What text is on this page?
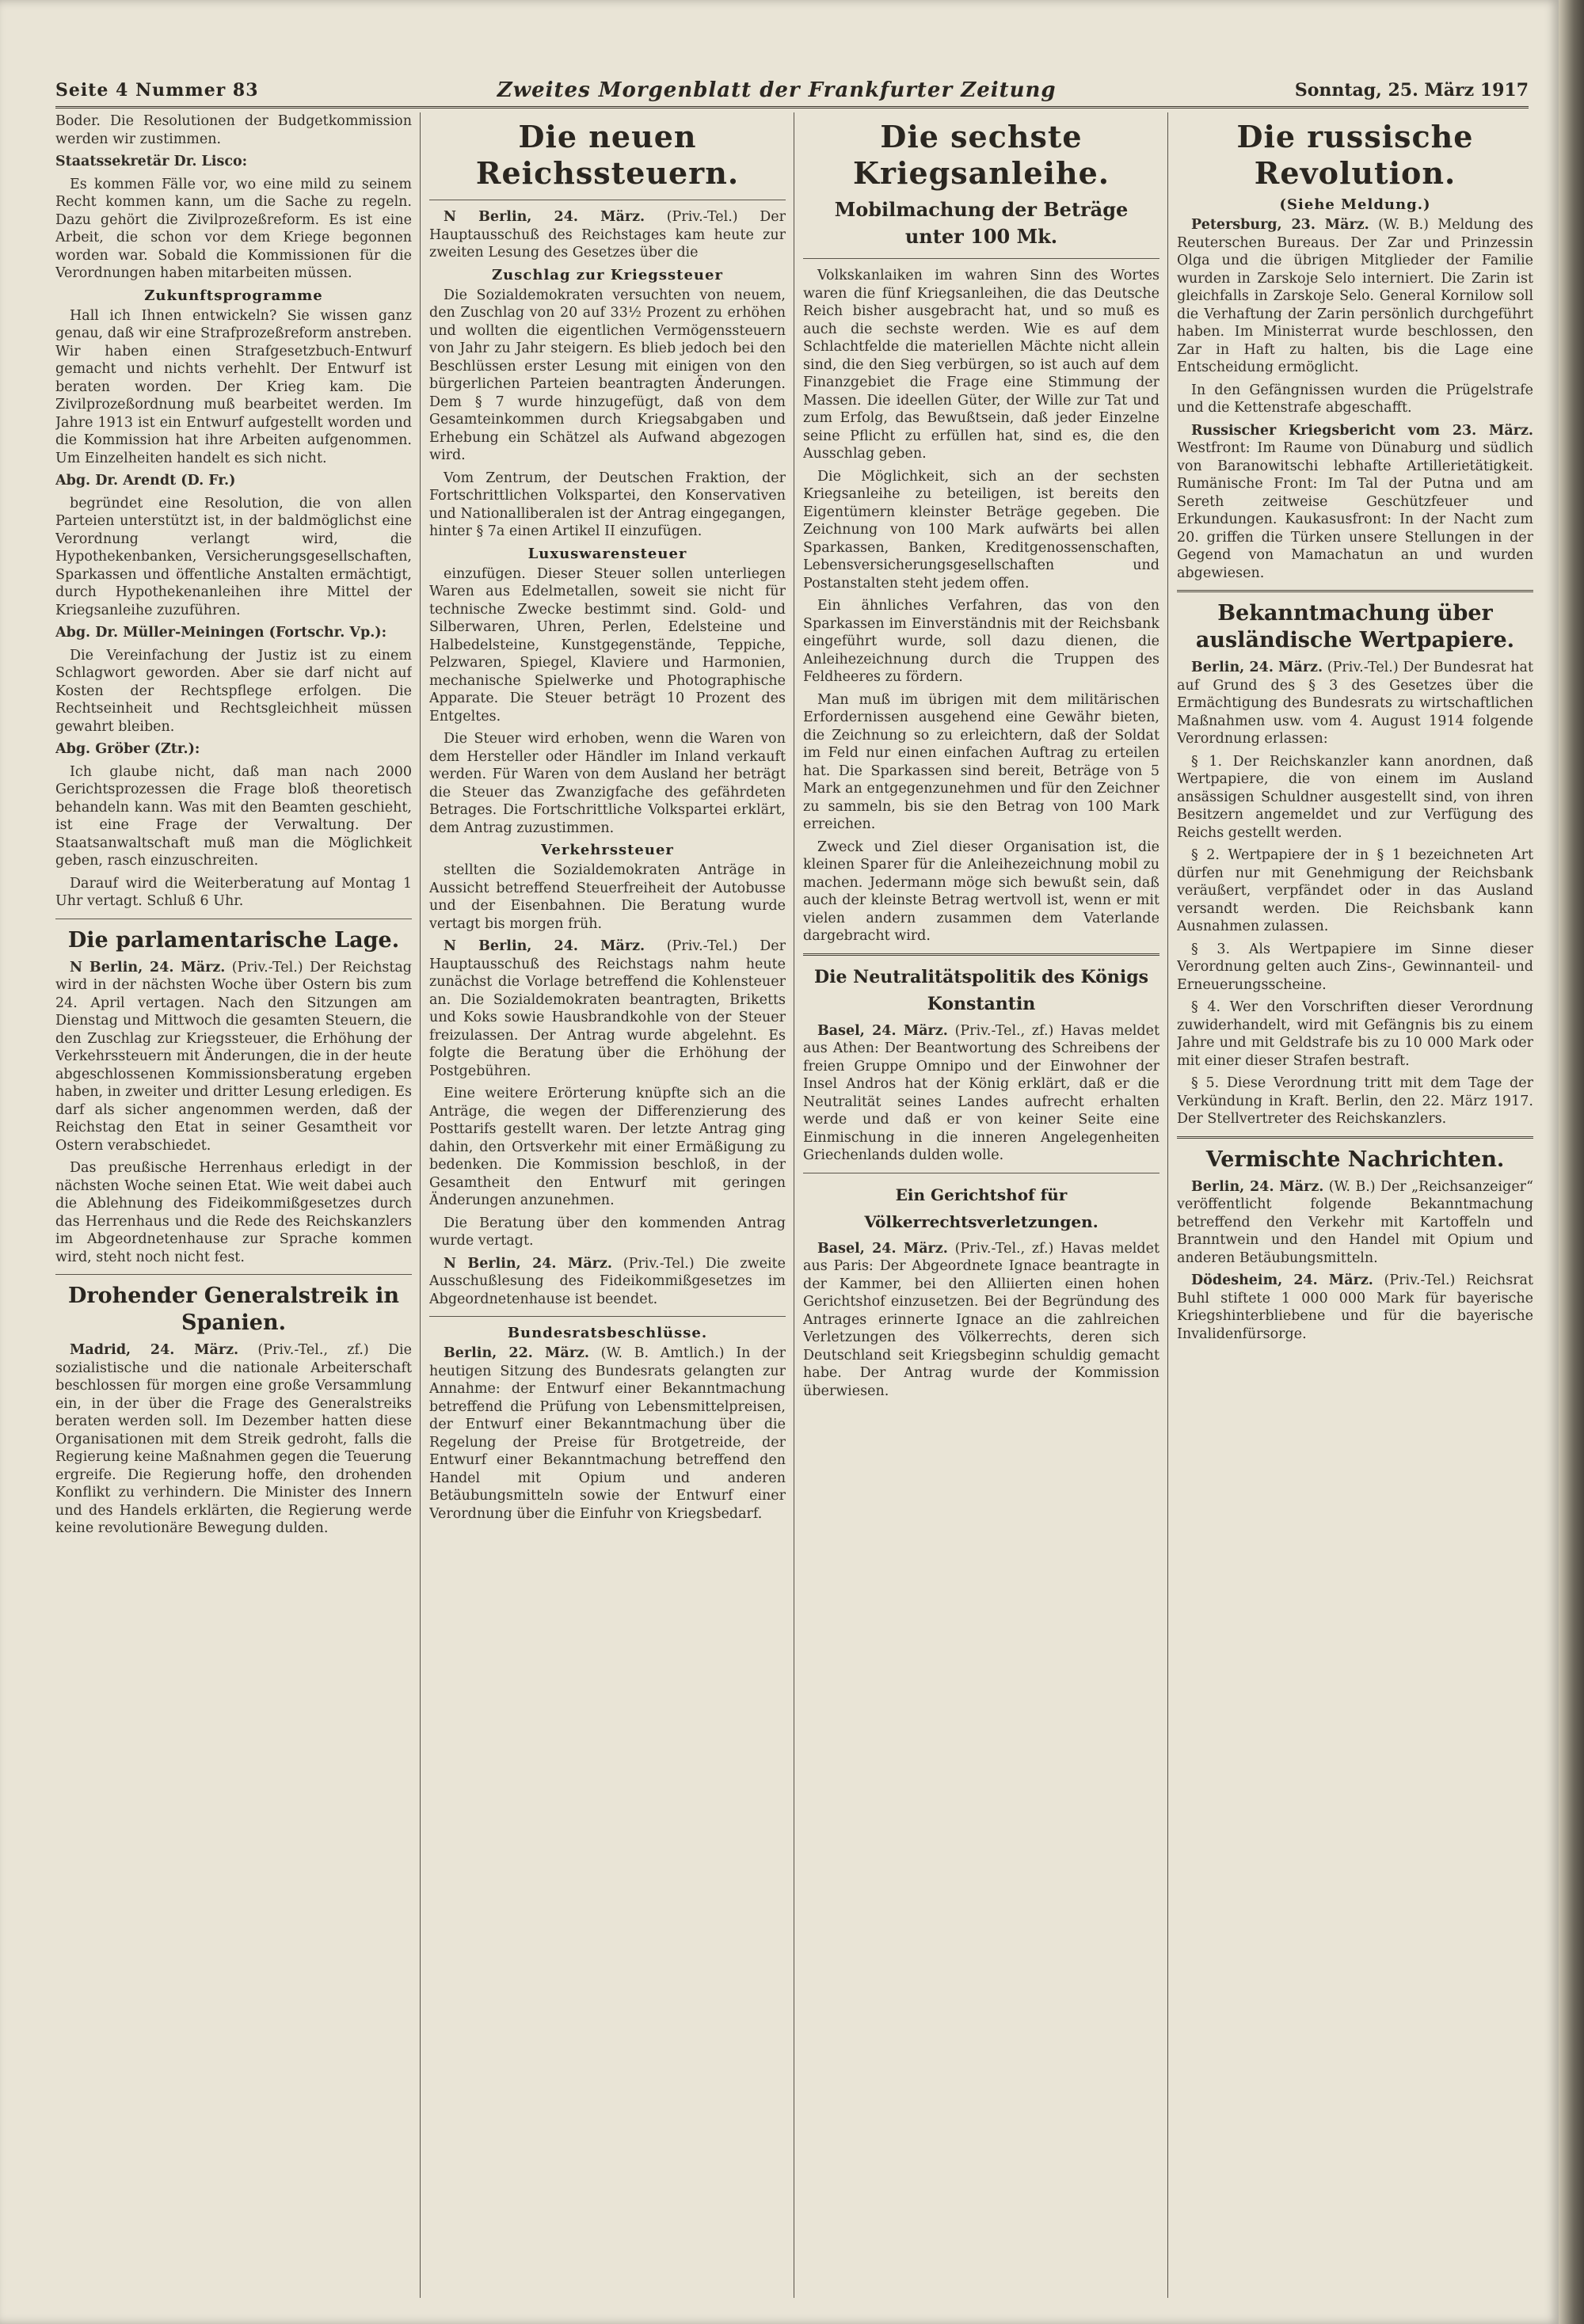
Seite 4 Nummer 83	Zweites Morgenblatt der Frankfurter Zeitung	Sonntag, 25. März 1917

Boder. Die Resolutionen der Budgetkommission werden wir zustimmen.

Staatssekretär Dr. Lisco:

Es kommen Fälle vor, wo eine mild zu seinem Recht kommen kann, um die Sache zu regeln. Dazu gehört die Zivilprozeßreform. Es ist eine Arbeit, die schon vor dem Kriege begonnen worden war. Sobald die Kommissionen für die Verordnungen haben mitarbeiten müssen.

Zukunftsprogramme

Hall ich Ihnen entwickeln? Sie wissen ganz genau, daß wir eine Strafprozeßreform anstreben. Wir haben einen Strafgesetzbuch-Entwurf gemacht und nichts verhehlt. Der Entwurf ist beraten worden. Der Krieg kam. Die Zivilprozeßordnung muß bearbeitet werden. Im Jahre 1913 ist ein Entwurf aufgestellt worden und die Kommission hat ihre Arbeiten aufgenommen. Um Einzelheiten handelt es sich nicht.

Abg. Dr. Arendt (D. Fr.)

begründet eine Resolution, die von allen Parteien unterstützt ist, in der baldmöglichst eine Verordnung verlangt wird, die Hypothekenbanken, Versicherungsgesellschaften, Sparkassen und öffentliche Anstalten ermächtigt, durch Hypothekenanleihen ihre Mittel der Kriegsanleihe zuzuführen.

Abg. Dr. Müller-Meiningen (Fortschr. Vp.):

Die Vereinfachung der Justiz ist zu einem Schlagwort geworden. Aber sie darf nicht auf Kosten der Rechtspflege erfolgen. Die Rechtseinheit und Rechtsgleichheit müssen gewahrt bleiben.

Abg. Gröber (Ztr.):

Ich glaube nicht, daß man nach 2000 Gerichtsprozessen die Frage bloß theoretisch behandeln kann. Was mit den Beamten geschieht, ist eine Frage der Verwaltung. Der Staatsanwaltschaft muß man die Möglichkeit geben, rasch einzuschreiten.

Darauf wird die Weiterberatung auf Montag 1 Uhr vertagt. Schluß 6 Uhr.

Die parlamentarische Lage.

N Berlin, 24. März. (Priv.-Tel.) Der Reichstag wird in der nächsten Woche über Ostern bis zum 24. April vertagen. Nach den Sitzungen am Dienstag und Mittwoch die gesamten Steuern, die den Zuschlag zur Kriegssteuer, die Erhöhung der Verkehrssteuern mit Änderungen, die in der heute abgeschlossenen Kommissionsberatung ergeben haben, in zweiter und dritter Lesung erledigen. Es darf als sicher angenommen werden, daß der Reichstag den Etat in seiner Gesamtheit vor Ostern verabschiedet.

Das preußische Herrenhaus erledigt in der nächsten Woche seinen Etat. Wie weit dabei auch die Ablehnung des Fideikommißgesetzes durch das Herrenhaus und die Rede des Reichskanzlers im Abgeordnetenhause zur Sprache kommen wird, steht noch nicht fest.

Drohender Generalstreik in Spanien.

Madrid, 24. März. (Priv.-Tel., zf.) Die sozialistische und die nationale Arbeiterschaft beschlossen für morgen eine große Versammlung ein, in der über die Frage des Generalstreiks beraten werden soll. Im Dezember hatten diese Organisationen mit dem Streik gedroht, falls die Regierung keine Maßnahmen gegen die Teuerung ergreife. Die Regierung hoffe, den drohenden Konflikt zu verhindern. Die Minister des Innern und des Handels erklärten, die Regierung werde keine revolutionäre Bewegung dulden.

Die neuen Reichssteuern.

N Berlin, 24. März. (Priv.-Tel.) Der Hauptausschuß des Reichstages kam heute zur zweiten Lesung des Gesetzes über die

Zuschlag zur Kriegssteuer

Die Sozialdemokraten versuchten von neuem, den Zuschlag von 20 auf 33½ Prozent zu erhöhen und wollten die eigentlichen Vermögenssteuern von Jahr zu Jahr steigern. Es blieb jedoch bei den Beschlüssen erster Lesung mit einigen von den bürgerlichen Parteien beantragten Änderungen. Dem § 7 wurde hinzugefügt, daß von dem Gesamteinkommen durch Kriegsabgaben und Erhebung ein Schätzel als Aufwand abgezogen wird.

Vom Zentrum, der Deutschen Fraktion, der Fortschrittlichen Volkspartei, den Konservativen und Nationalliberalen ist der Antrag eingegangen, hinter § 7a einen Artikel II einzufügen.

Luxuswarensteuer

einzufügen. Dieser Steuer sollen unterliegen Waren aus Edelmetallen, soweit sie nicht für technische Zwecke bestimmt sind. Gold- und Silberwaren, Uhren, Perlen, Edelsteine und Halbedelsteine, Kunstgegenstände, Teppiche, Pelzwaren, Spiegel, Klaviere und Harmonien, mechanische Spielwerke und Photographische Apparate. Die Steuer beträgt 10 Prozent des Entgeltes.

Die Steuer wird erhoben, wenn die Waren von dem Hersteller oder Händler im Inland verkauft werden. Für Waren von dem Ausland her beträgt die Steuer das Zwanzigfache des gefährdeten Betrages. Die Fortschrittliche Volkspartei erklärt, dem Antrag zuzustimmen.

Verkehrssteuer

stellten die Sozialdemokraten Anträge in Aussicht betreffend Steuerfreiheit der Autobusse und der Eisenbahnen. Die Beratung wurde vertagt bis morgen früh.

N Berlin, 24. März. (Priv.-Tel.) Der Hauptausschuß des Reichstags nahm heute zunächst die Vorlage betreffend die Kohlensteuer an. Die Sozialdemokraten beantragten, Briketts und Koks sowie Hausbrandkohle von der Steuer freizulassen. Der Antrag wurde abgelehnt. Es folgte die Beratung über die Erhöhung der Postgebühren.

Eine weitere Erörterung knüpfte sich an die Anträge, die wegen der Differenzierung des Posttarifs gestellt waren. Der letzte Antrag ging dahin, den Ortsverkehr mit einer Ermäßigung zu bedenken. Die Kommission beschloß, in der Gesamtheit den Entwurf mit geringen Änderungen anzunehmen.

Die Beratung über den kommenden Antrag wurde vertagt.

N Berlin, 24. März. (Priv.-Tel.) Die zweite Ausschußlesung des Fideikommißgesetzes im Abgeordnetenhause ist beendet.

Bundesratsbeschlüsse.

Berlin, 22. März. (W. B. Amtlich.) In der heutigen Sitzung des Bundesrats gelangten zur Annahme: der Entwurf einer Bekanntmachung betreffend die Prüfung von Lebensmittelpreisen, der Entwurf einer Bekanntmachung über die Regelung der Preise für Brotgetreide, der Entwurf einer Bekanntmachung betreffend den Handel mit Opium und anderen Betäubungsmitteln sowie der Entwurf einer Verordnung über die Einfuhr von Kriegsbedarf.

Die sechste Kriegsanleihe.
Mobilmachung der Beträge unter 100 Mk.

Volkskanlaiken im wahren Sinn des Wortes waren die fünf Kriegsanleihen, die das Deutsche Reich bisher ausgebracht hat, und so muß es auch die sechste werden. Wie es auf dem Schlachtfelde die materiellen Mächte nicht allein sind, die den Sieg verbürgen, so ist auch auf dem Finanzgebiet die Frage eine Stimmung der Massen. Die ideellen Güter, der Wille zur Tat und zum Erfolg, das Bewußtsein, daß jeder Einzelne seine Pflicht zu erfüllen hat, sind es, die den Ausschlag geben.

Die Möglichkeit, sich an der sechsten Kriegsanleihe zu beteiligen, ist bereits den Eigentümern kleinster Beträge gegeben. Die Zeichnung von 100 Mark aufwärts bei allen Sparkassen, Banken, Kreditgenossenschaften, Lebensversicherungsgesellschaften und Postanstalten steht jedem offen.

Ein ähnliches Verfahren, das von den Sparkassen im Einverständnis mit der Reichsbank eingeführt wurde, soll dazu dienen, die Anleihezeichnung durch die Truppen des Feldheeres zu fördern.

Man muß im übrigen mit dem militärischen Erfordernissen ausgehend eine Gewähr bieten, die Zeichnung so zu erleichtern, daß der Soldat im Feld nur einen einfachen Auftrag zu erteilen hat. Die Sparkassen sind bereit, Beträge von 5 Mark an entgegenzunehmen und für den Zeichner zu sammeln, bis sie den Betrag von 100 Mark erreichen.

Zweck und Ziel dieser Organisation ist, die kleinen Sparer für die Anleihezeichnung mobil zu machen. Jedermann möge sich bewußt sein, daß auch der kleinste Betrag wertvoll ist, wenn er mit vielen andern zusammen dem Vaterlande dargebracht wird.

Die Neutralitätspolitik des Königs Konstantin

Basel, 24. März. (Priv.-Tel., zf.) Havas meldet aus Athen: Der Beantwortung des Schreibens der freien Gruppe Omnipo und der Einwohner der Insel Andros hat der König erklärt, daß er die Neutralität seines Landes aufrecht erhalten werde und daß er von keiner Seite eine Einmischung in die inneren Angelegenheiten Griechenlands dulden wolle.

Ein Gerichtshof für Völkerrechtsverletzungen.

Basel, 24. März. (Priv.-Tel., zf.) Havas meldet aus Paris: Der Abgeordnete Ignace beantragte in der Kammer, bei den Alliierten einen hohen Gerichtshof einzusetzen. Bei der Begründung des Antrages erinnerte Ignace an die zahlreichen Verletzungen des Völkerrechts, deren sich Deutschland seit Kriegsbeginn schuldig gemacht habe. Der Antrag wurde der Kommission überwiesen.

Die russische Revolution.

(Siehe Meldung.)

Petersburg, 23. März. (W. B.) Meldung des Reuterschen Bureaus. Der Zar und Prinzessin Olga und die übrigen Mitglieder der Familie wurden in Zarskoje Selo interniert. Die Zarin ist gleichfalls in Zarskoje Selo. General Kornilow soll die Verhaftung der Zarin persönlich durchgeführt haben. Im Ministerrat wurde beschlossen, den Zar in Haft zu halten, bis die Lage eine Entscheidung ermöglicht.

In den Gefängnissen wurden die Prügelstrafe und die Kettenstrafe abgeschafft.

Russischer Kriegsbericht vom 23. März. Westfront: Im Raume von Dünaburg und südlich von Baranowitschi lebhafte Artillerietätigkeit. Rumänische Front: Im Tal der Putna und am Sereth zeitweise Geschützfeuer und Erkundungen. Kaukasusfront: In der Nacht zum 20. griffen die Türken unsere Stellungen in der Gegend von Mamachatun an und wurden abgewiesen.

Bekanntmachung über ausländische Wertpapiere.

Berlin, 24. März. (Priv.-Tel.) Der Bundesrat hat auf Grund des § 3 des Gesetzes über die Ermächtigung des Bundesrats zu wirtschaftlichen Maßnahmen usw. vom 4. August 1914 folgende Verordnung erlassen:

§ 1. Der Reichskanzler kann anordnen, daß Wertpapiere, die von einem im Ausland ansässigen Schuldner ausgestellt sind, von ihren Besitzern angemeldet und zur Verfügung des Reichs gestellt werden.

§ 2. Wertpapiere der in § 1 bezeichneten Art dürfen nur mit Genehmigung der Reichsbank veräußert, verpfändet oder in das Ausland versandt werden. Die Reichsbank kann Ausnahmen zulassen.

§ 3. Als Wertpapiere im Sinne dieser Verordnung gelten auch Zins-, Gewinnanteil- und Erneuerungsscheine.

§ 4. Wer den Vorschriften dieser Verordnung zuwiderhandelt, wird mit Gefängnis bis zu einem Jahre und mit Geldstrafe bis zu 10 000 Mark oder mit einer dieser Strafen bestraft.

§ 5. Diese Verordnung tritt mit dem Tage der Verkündung in Kraft. Berlin, den 22. März 1917. Der Stellvertreter des Reichskanzlers.

Vermischte Nachrichten.

Berlin, 24. März. (W. B.) Der „Reichsanzeiger“ veröffentlicht folgende Bekanntmachung betreffend den Verkehr mit Kartoffeln und Branntwein und den Handel mit Opium und anderen Betäubungsmitteln.

Dödesheim, 24. März. (Priv.-Tel.) Reichsrat Buhl stiftete 1 000 000 Mark für bayerische Kriegshinterbliebene und für die bayerische Invalidenfürsorge.
